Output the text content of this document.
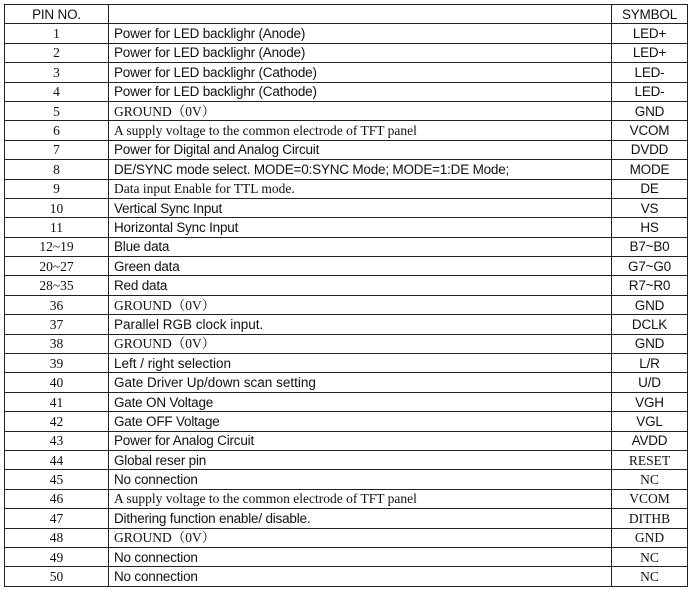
PIN NO.		SYMBOL
1	Power for LED backlighr (Anode)	LED+
2	Power for LED backlighr (Anode)	LED+
3	Power for LED backlighr (Cathode)	LED-
4	Power for LED backlighr (Cathode)	LED-
5	GROUND（0V）	GND
6	A supply voltage to the common electrode of TFT panel	VCOM
7	Power for Digital and Analog Circuit	DVDD
8	DE/SYNC mode select. MODE=0:SYNC Mode; MODE=1:DE Mode;	MODE
9	Data input Enable for TTL mode.	DE
10	Vertical Sync Input	VS
11	Horizontal Sync Input	HS
12~19	Blue data	B7~B0
20~27	Green data	G7~G0
28~35	Red data	R7~R0
36	GROUND（0V）	GND
37	Parallel RGB clock input.	DCLK
38	GROUND（0V）	GND
39	Left / right selection	L/R
40	Gate Driver Up/down scan setting	U/D
41	Gate ON Voltage	VGH
42	Gate OFF Voltage	VGL
43	Power for Analog Circuit	AVDD
44	Global reser pin	RESET
45	No connection	NC
46	A supply voltage to the common electrode of TFT panel	VCOM
47	Dithering function enable/ disable.	DITHB
48	GROUND（0V）	GND
49	No connection	NC
50	No connection	NC
